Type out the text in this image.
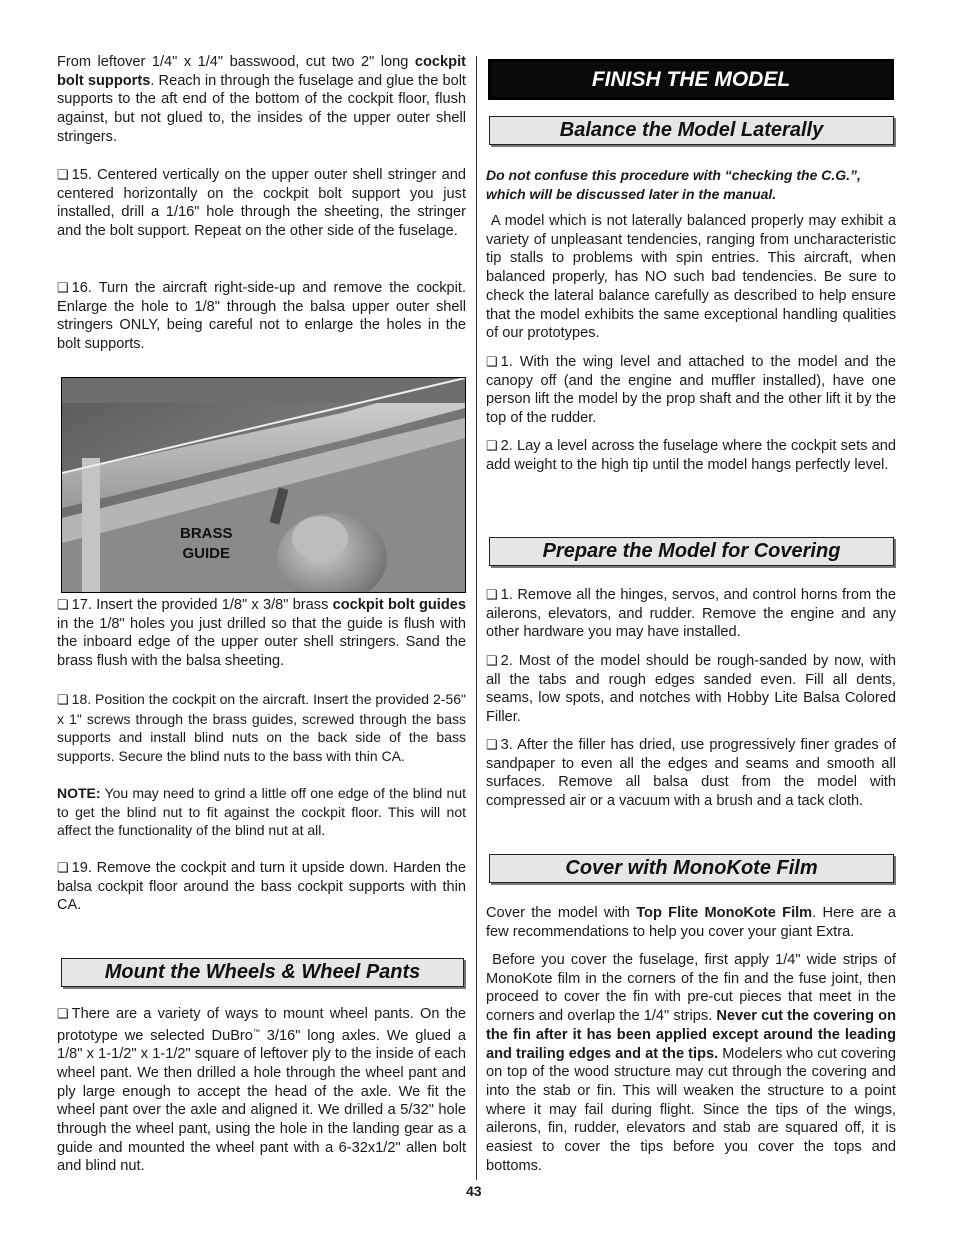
From leftover 1/4" x 1/4" basswood, cut two 2" long cockpit bolt supports. Reach in through the fuselage and glue the bolt supports to the aft end of the bottom of the cockpit floor, flush against, but not glued to, the insides of the upper outer shell stringers.

❑ 15. Centered vertically on the upper outer shell stringer and centered horizontally on the cockpit bolt support you just installed, drill a 1/16" hole through the sheeting, the stringer and the bolt support. Repeat on the other side of the fuselage.

❑ 16. Turn the aircraft right-side-up and remove the cockpit. Enlarge the hole to 1/8" through the balsa upper outer shell stringers ONLY, being careful not to enlarge the holes in the bolt supports.

❑ 17. Insert the provided 1/8" x 3/8" brass cockpit bolt guides in the 1/8" holes you just drilled so that the guide is flush with the inboard edge of the upper outer shell stringers. Sand the brass flush with the balsa sheeting.

❑ 18. Position the cockpit on the aircraft. Insert the provided 2-56" x 1" screws through the brass guides, screwed through the bass supports and install blind nuts on the back side of the bass supports. Secure the blind nuts to the bass with thin CA.

NOTE: You may need to grind a little off one edge of the blind nut to get the blind nut to fit against the cockpit floor. This will not affect the functionality of the blind nut at all.

❑ 19. Remove the cockpit and turn it upside down. Harden the balsa cockpit floor around the bass cockpit supports with thin CA.

❑ There are a variety of ways to mount wheel pants. On the prototype we selected DuBro™ 3/16" long axles. We glued a 1/8" x 1-1/2" x 1-1/2" square of leftover ply to the inside of each wheel pant. We then drilled a hole through the wheel pant and ply large enough to accept the head of the axle. We fit the wheel pant over the axle and aligned it. We drilled a 5/32" hole through the wheel pant, using the hole in the landing gear as a guide and mounted the wheel pant with a 6-32x1/2" allen bolt and blind nut.

BRASS
GUIDE
Mount the Wheels & Wheel Pants
FINISH THE MODEL
Balance the Model Laterally
Prepare the Model for Covering
Cover with MonoKote Film

Do not confuse this procedure with “checking the C.G.”, which will be discussed later in the manual.

A model which is not laterally balanced properly may exhibit a variety of unpleasant tendencies, ranging from uncharacteristic tip stalls to problems with spin entries. This aircraft, when balanced properly, has NO such bad tendencies. Be sure to check the lateral balance carefully as described to help ensure that the model exhibits the same exceptional handling qualities of our prototypes.

❑ 1. With the wing level and attached to the model and the canopy off (and the engine and muffler installed), have one person lift the model by the prop shaft and the other lift it by the top of the rudder.

❑ 2. Lay a level across the fuselage where the cockpit sets and add weight to the high tip until the model hangs perfectly level.

❑ 1. Remove all the hinges, servos, and control horns from the ailerons, elevators, and rudder. Remove the engine and any other hardware you may have installed.

❑ 2. Most of the model should be rough-sanded by now, with all the tabs and rough edges sanded even. Fill all dents, seams, low spots, and notches with Hobby Lite Balsa Colored Filler.

❑ 3. After the filler has dried, use progressively finer grades of sandpaper to even all the edges and seams and smooth all surfaces. Remove all balsa dust from the model with compressed air or a vacuum with a brush and a tack cloth.

Cover the model with Top Flite MonoKote Film. Here are a few recommendations to help you cover your giant Extra.

Before you cover the fuselage, first apply 1/4" wide strips of MonoKote film in the corners of the fin and the fuse joint, then proceed to cover the fin with pre-cut pieces that meet in the corners and overlap the 1/4" strips. Never cut the covering on the fin after it has been applied except around the leading and trailing edges and at the tips. Modelers who cut covering on top of the wood structure may cut through the covering and into the stab or fin. This will weaken the structure to a point where it may fail during flight. Since the tips of the wings, ailerons, fin, rudder, elevators and stab are squared off, it is easiest to cover the tips before you cover the tops and bottoms.

43
